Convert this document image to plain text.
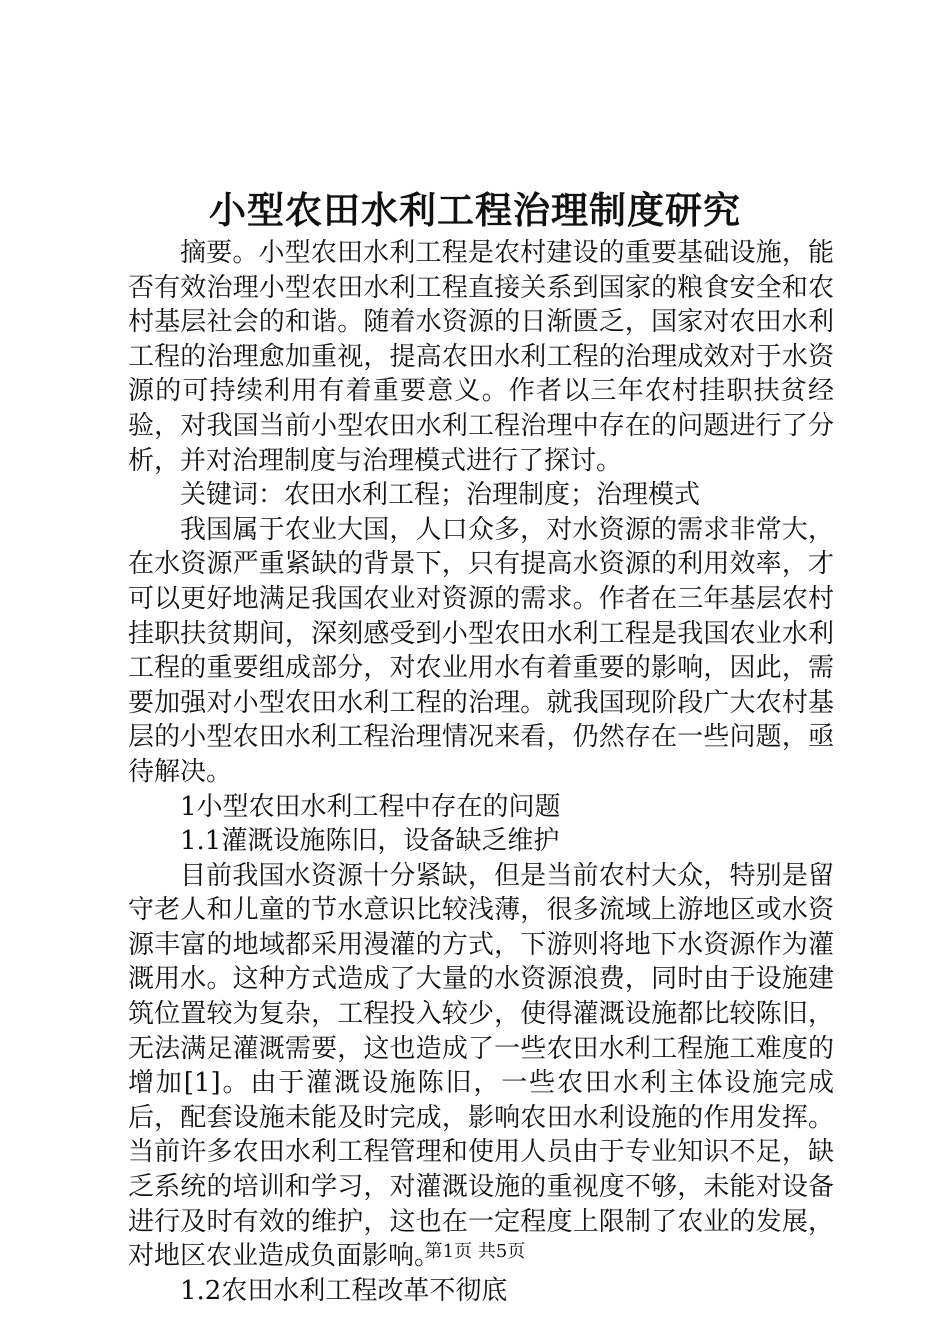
小型农田水利工程治理制度研究

摘要。小型农田水利工程是农村建设的重要基础设施，能否有效治理小型农田水利工程直接关系到国家的粮食安全和农村基层社会的和谐。随着水资源的日渐匮乏，国家对农田水利工程的治理愈加重视，提高农田水利工程的治理成效对于水资源的可持续利用有着重要意义。作者以三年农村挂职扶贫经验，对我国当前小型农田水利工程治理中存在的问题进行了分析，并对治理制度与治理模式进行了探讨。

关键词：农田水利工程；治理制度；治理模式

我国属于农业大国，人口众多，对水资源的需求非常大，在水资源严重紧缺的背景下，只有提高水资源的利用效率，才可以更好地满足我国农业对资源的需求。作者在三年基层农村挂职扶贫期间，深刻感受到小型农田水利工程是我国农业水利工程的重要组成部分，对农业用水有着重要的影响，因此，需要加强对小型农田水利工程的治理。就我国现阶段广大农村基层的小型农田水利工程治理情况来看，仍然存在一些问题，亟待解决。

1小型农田水利工程中存在的问题

1.1灌溉设施陈旧，设备缺乏维护

目前我国水资源十分紧缺，但是当前农村大众，特别是留守老人和儿童的节水意识比较浅薄，很多流域上游地区或水资源丰富的地域都采用漫灌的方式，下游则将地下水资源作为灌溉用水。这种方式造成了大量的水资源浪费，同时由于设施建筑位置较为复杂，工程投入较少，使得灌溉设施都比较陈旧，无法满足灌溉需要，这也造成了一些农田水利工程施工难度的增加[1]。由于灌溉设施陈旧，一些农田水利主体设施完成后，配套设施未能及时完成，影响农田水利设施的作用发挥。当前许多农田水利工程管理和使用人员由于专业知识不足，缺乏系统的培训和学习，对灌溉设施的重视度不够，未能对设备进行及时有效的维护，这也在一定程度上限制了农业的发展，对地区农业造成负面影响。

1.2农田水利工程改革不彻底

第1页 共5页
